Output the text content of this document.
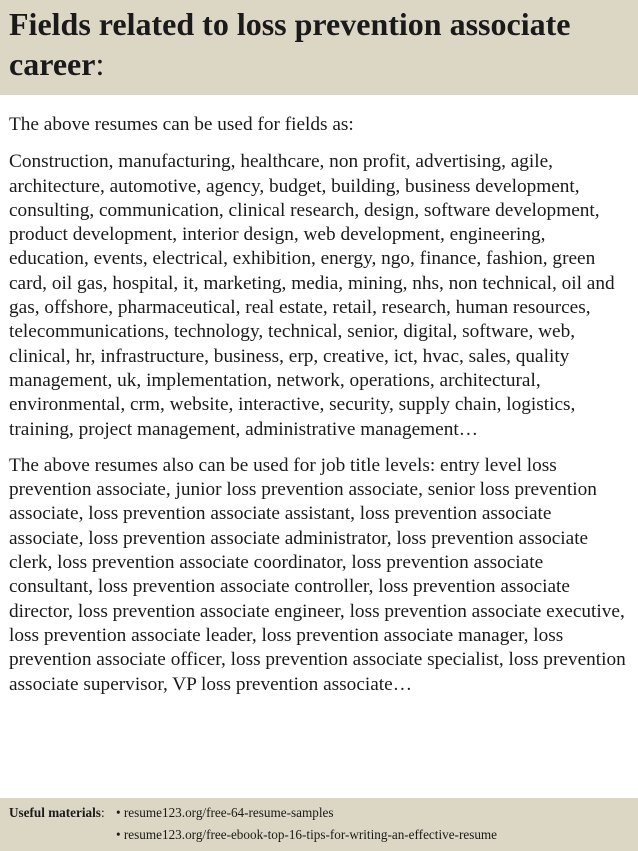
Fields related to loss prevention associate career:

The above resumes can be used for fields as:

Construction, manufacturing, healthcare, non profit, advertising, agile, architecture, automotive, agency, budget, building, business development, consulting, communication, clinical research, design, software development, product development, interior design, web development, engineering, education, events, electrical, exhibition, energy, ngo, finance, fashion, green card, oil gas, hospital, it, marketing, media, mining, nhs, non technical, oil and gas, offshore, pharmaceutical, real estate, retail, research, human resources, telecommunications, technology, technical, senior, digital, software, web, clinical, hr, infrastructure, business, erp, creative, ict, hvac, sales, quality management, uk, implementation, network, operations, architectural, environmental, crm, website, interactive, security, supply chain, logistics, training, project management, administrative management…

The above resumes also can be used for job title levels: entry level loss prevention associate, junior loss prevention associate, senior loss prevention associate, loss prevention associate assistant, loss prevention associate associate, loss prevention associate administrator, loss prevention associate clerk, loss prevention associate coordinator, loss prevention associate consultant, loss prevention associate controller, loss prevention associate director, loss prevention associate engineer, loss prevention associate executive, loss prevention associate leader, loss prevention associate manager, loss prevention associate officer, loss prevention associate specialist, loss prevention associate supervisor, VP loss prevention associate…

Useful materials: • resume123.org/free-64-resume-samples
• resume123.org/free-ebook-top-16-tips-for-writing-an-effective-resume
